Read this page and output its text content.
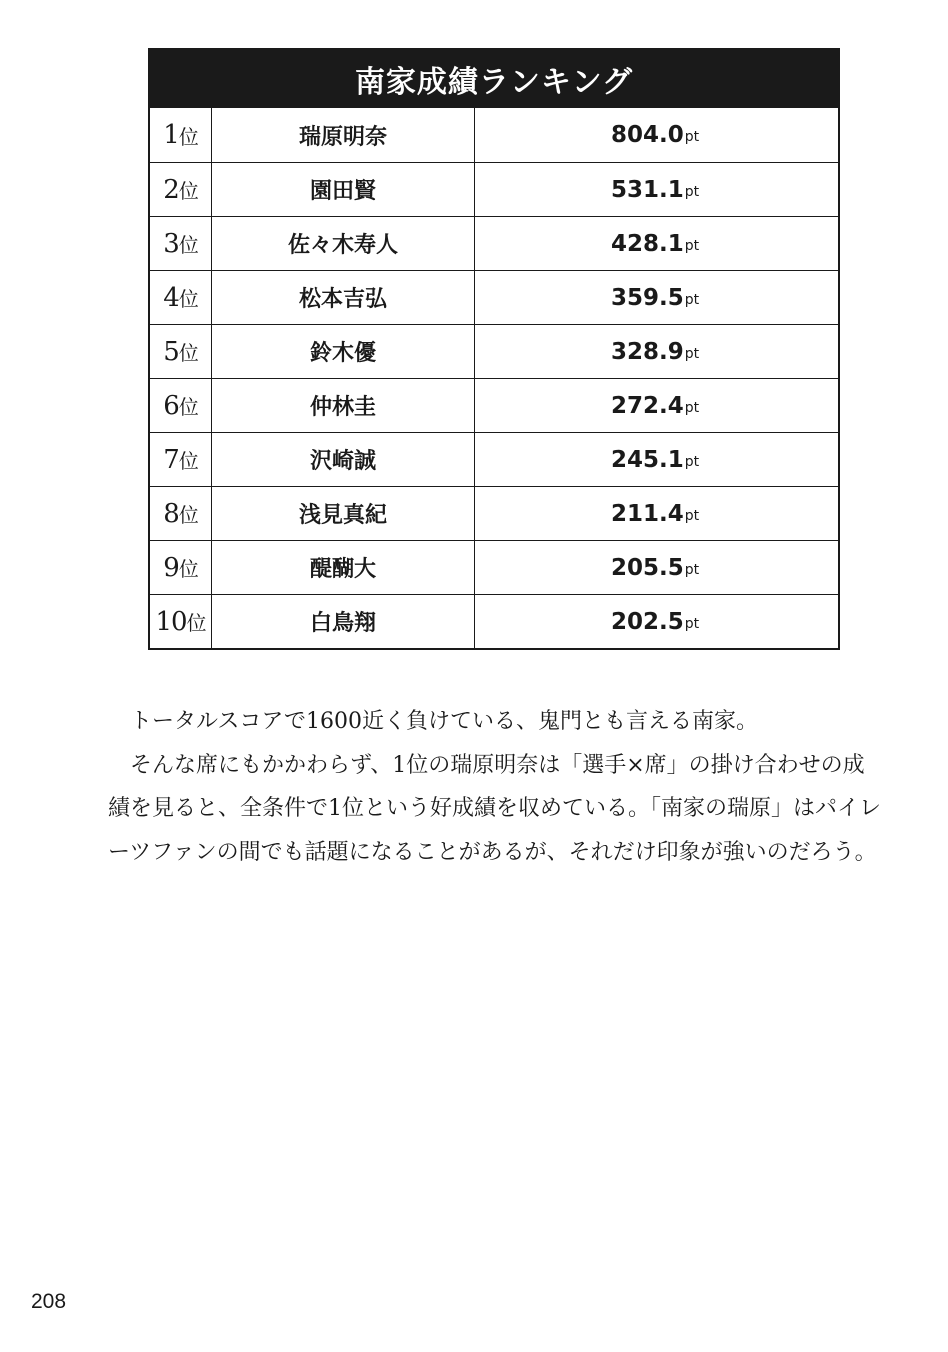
南家成績ランキング
1 位	瑞原明奈	804.0 pt
2 位	園田賢	531.1 pt
3 位	佐々木寿人	428.1 pt
4 位	松本吉弘	359.5 pt
5 位	鈴木優	328.9 pt
6 位	仲林圭	272.4 pt
7 位	沢崎誠	245.1 pt
8 位	浅見真紀	211.4 pt
9 位	醍醐大	205.5 pt
10 位	白鳥翔	202.5 pt

トータルスコアで1600近く負けている、鬼門とも言える南家。

そんな席にもかかわらず、1位の瑞原明奈は「選手×席」の掛け合わせの成績を見ると、全条件で1位という好成績を収めている。「南家の瑞原」はパイレーツファンの間でも話題になることがあるが、それだけ印象が強いのだろう。

208
